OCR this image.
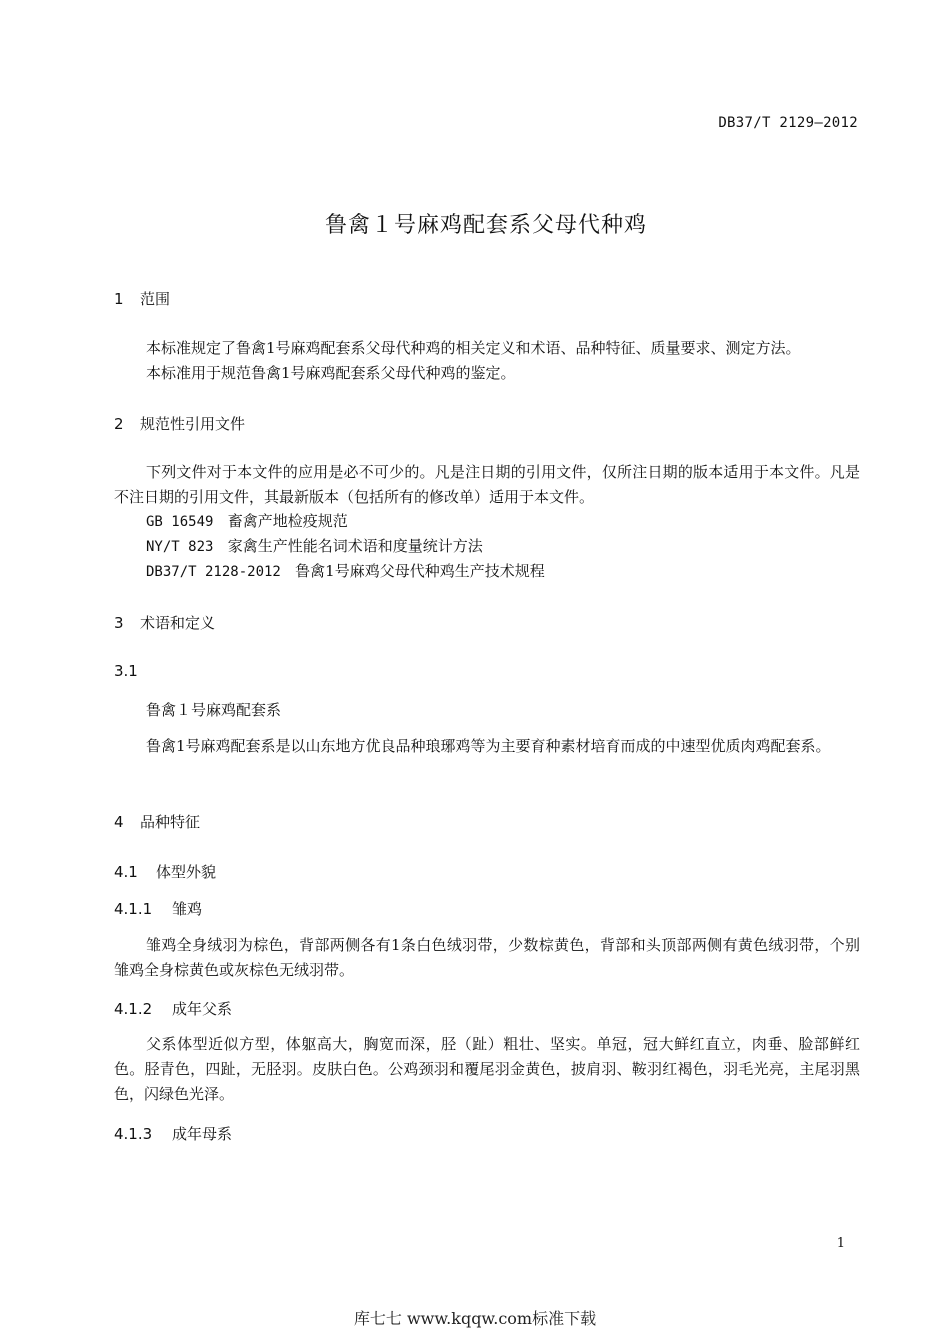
DB37/T 2129—2012
鲁禽１号麻鸡配套系父母代种鸡
1 范围
本标准规定了鲁禽1号麻鸡配套系父母代种鸡的相关定义和术语、品种特征、质量要求、测定方法。
本标准用于规范鲁禽1号麻鸡配套系父母代种鸡的鉴定。
2 规范性引用文件
下列文件对于本文件的应用是必不可少的。凡是注日期的引用文件，仅所注日期的版本适用于本文件。凡是不注日期的引用文件，其最新版本（包括所有的修改单）适用于本文件。
GB 16549 畜禽产地检疫规范
NY/T 823 家禽生产性能名词术语和度量统计方法
DB37/T 2128-2012 鲁禽1号麻鸡父母代种鸡生产技术规程
3 术语和定义
3.1
鲁禽１号麻鸡配套系
鲁禽1号麻鸡配套系是以山东地方优良品种琅琊鸡等为主要育种素材培育而成的中速型优质肉鸡配套系。
4 品种特征
4.1 体型外貌
4.1.1 雏鸡
雏鸡全身绒羽为棕色，背部两侧各有1条白色绒羽带，少数棕黄色，背部和头顶部两侧有黄色绒羽带，个别雏鸡全身棕黄色或灰棕色无绒羽带。
4.1.2 成年父系
父系体型近似方型，体躯高大，胸宽而深，胫（趾）粗壮、坚实。单冠，冠大鲜红直立，肉垂、脸部鲜红色。胫青色，四趾，无胫羽。皮肤白色。公鸡颈羽和覆尾羽金黄色，披肩羽、鞍羽红褐色，羽毛光亮，主尾羽黑色，闪绿色光泽。
4.1.3 成年母系
1
库七七 www.kqqw.com标准下载
